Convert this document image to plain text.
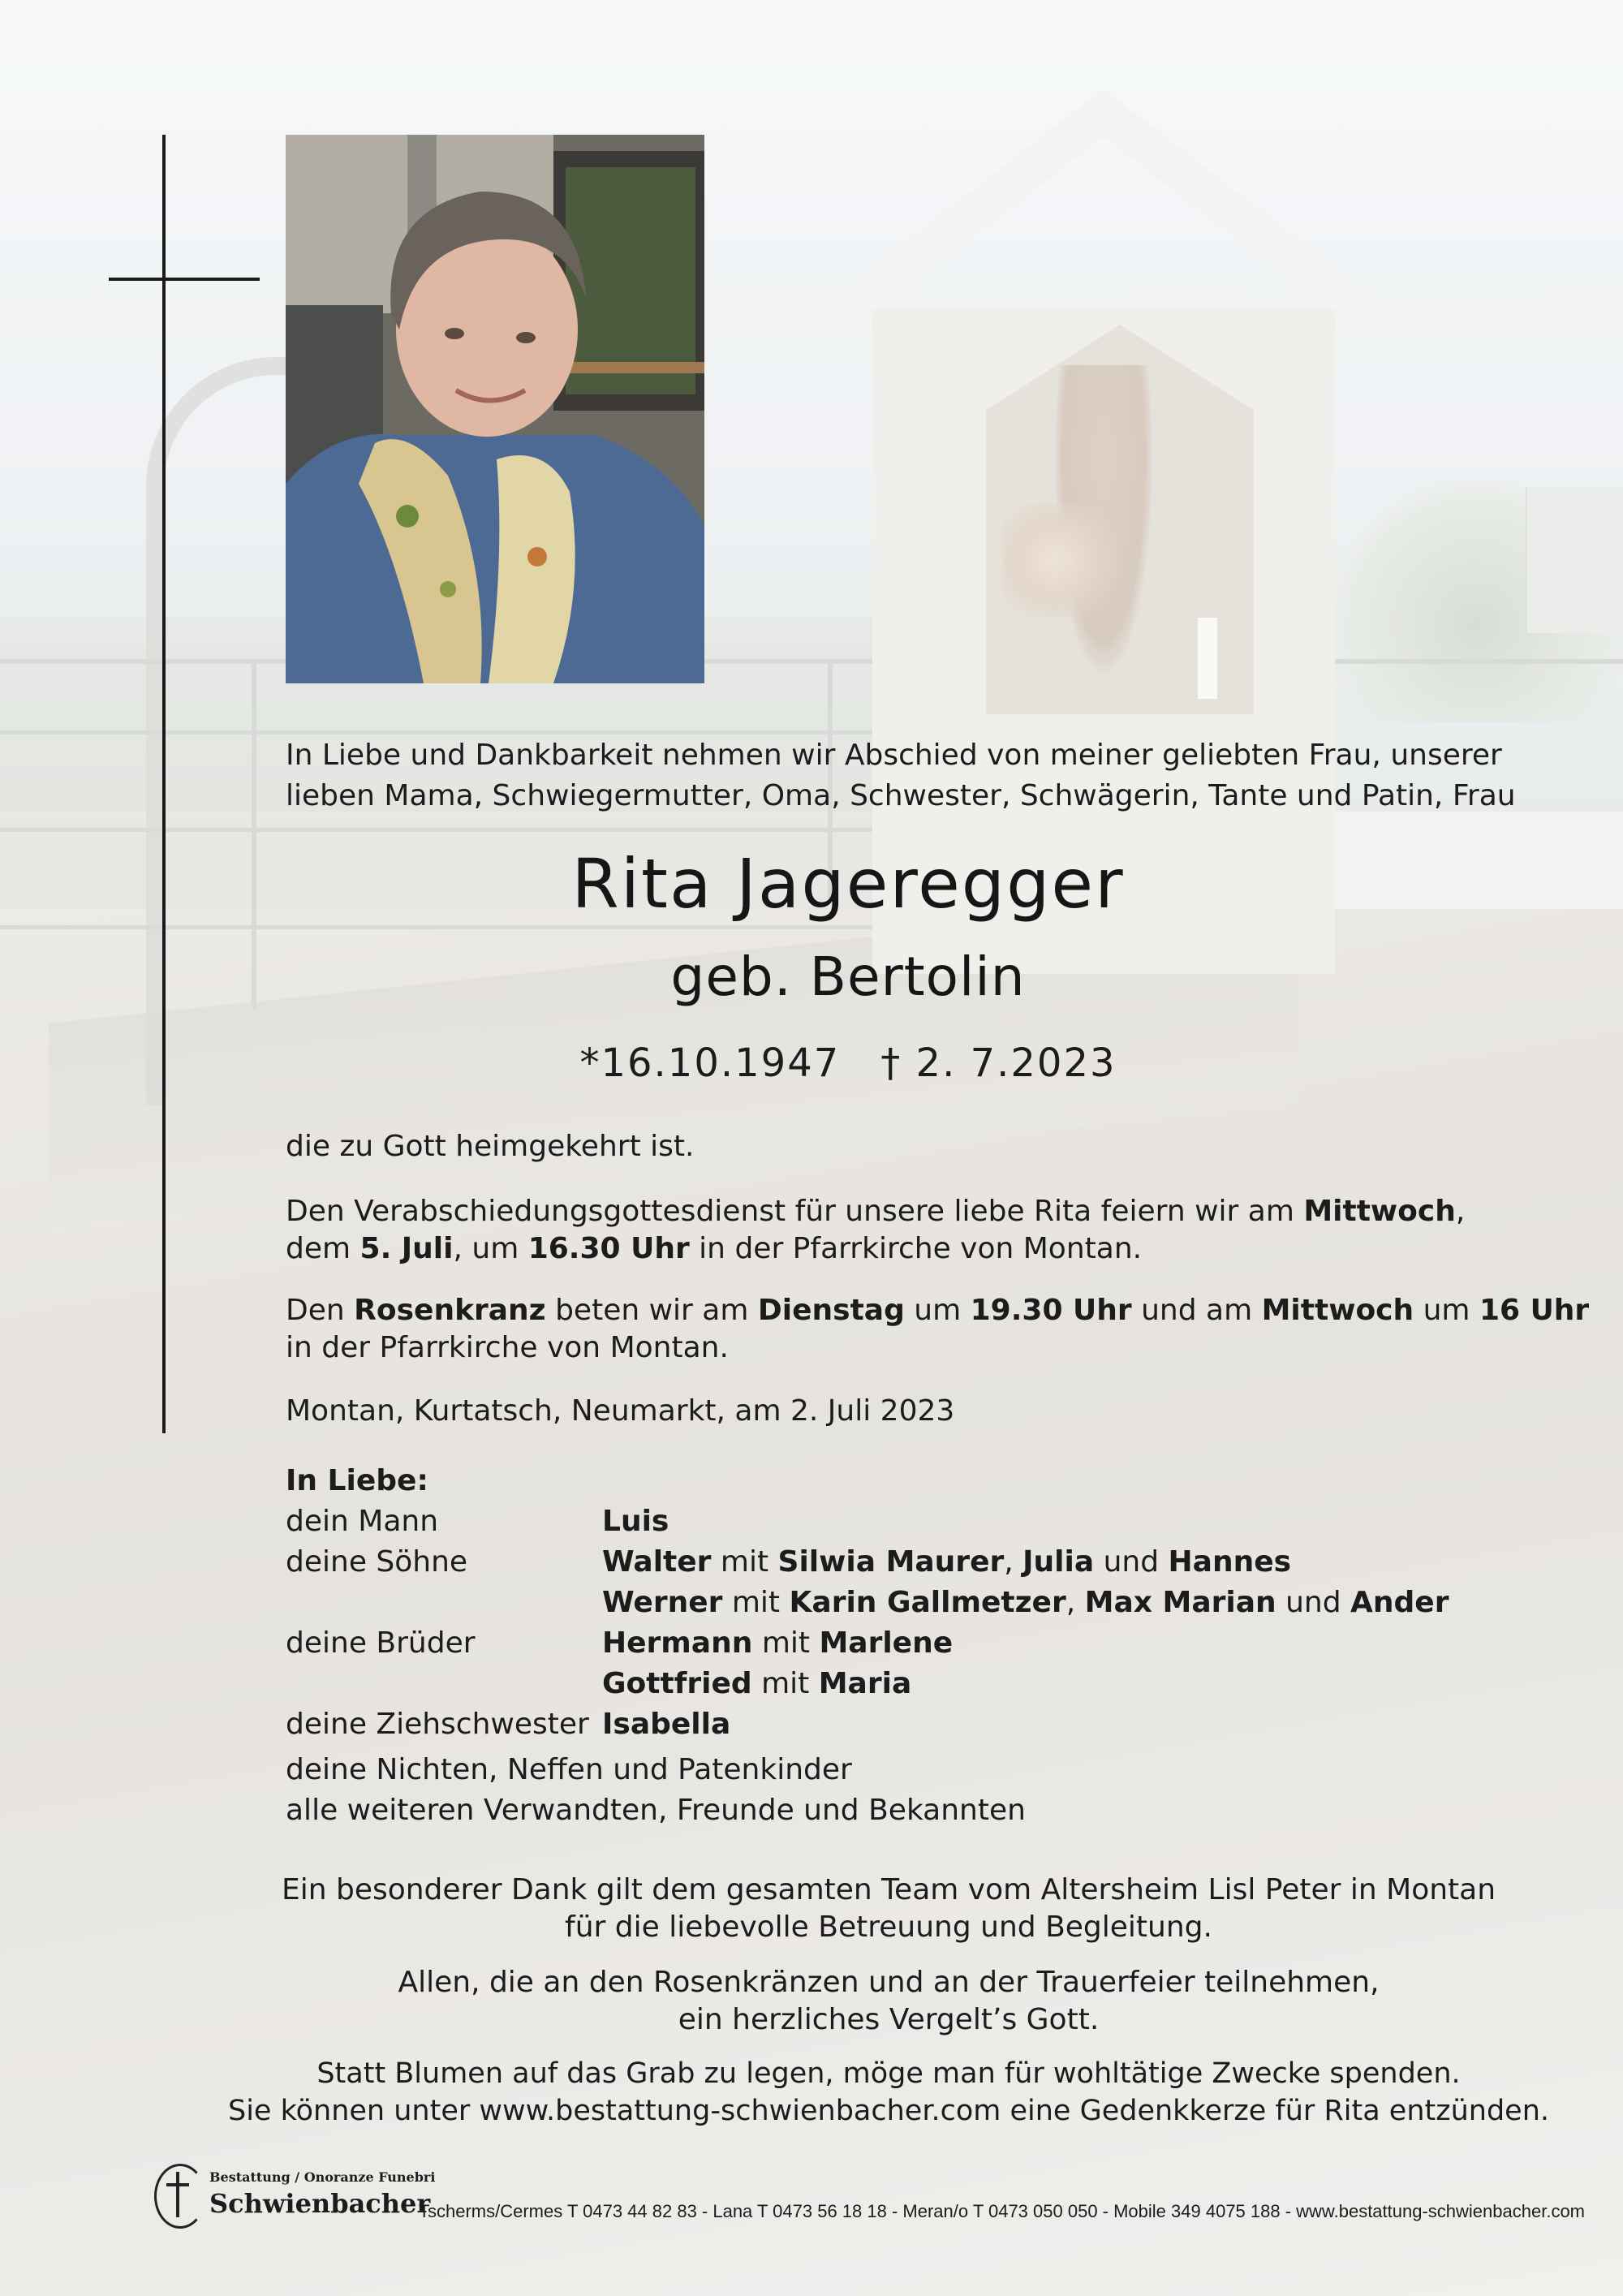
In Liebe und Dankbarkeit nehmen wir Abschied von meiner geliebten Frau, unserer
lieben Mama, Schwiegermutter, Oma, Schwester, Schwägerin, Tante und Patin, Frau
Rita Jageregger
geb. Bertolin
*16.10.1947 † 2. 7.2023
die zu Gott heimgekehrt ist.
Den Verabschiedungsgottesdienst für unsere liebe Rita feiern wir am Mittwoch,
dem 5. Juli, um 16.30 Uhr in der Pfarrkirche von Montan.
Den Rosenkranz beten wir am Dienstag um 19.30 Uhr und am Mittwoch um 16 Uhr
in der Pfarrkirche von Montan.
Montan, Kurtatsch, Neumarkt, am 2. Juli 2023
In Liebe:
dein Mann	Luis
deine Söhne	Walter mit Silwia Maurer, Julia und Hannes
Werner mit Karin Gallmetzer, Max Marian und Ander
deine Brüder	Hermann mit Marlene
Gottfried mit Maria
deine Ziehschwester Isabella
deine Nichten, Neffen und Patenkinder
alle weiteren Verwandten, Freunde und Bekannten
Ein besonderer Dank gilt dem gesamten Team vom Altersheim Lisl Peter in Montan
für die liebevolle Betreuung und Begleitung.
Allen, die an den Rosenkränzen und an der Trauerfeier teilnehmen,
ein herzliches Vergelt’s Gott.
Statt Blumen auf das Grab zu legen, möge man für wohltätige Zwecke spenden.
Sie können unter www.bestattung-schwienbacher.com eine Gedenkkerze für Rita entzünden.
Bestattung / Onoranze Funebri
Schwienbacher
Tscherms/Cermes T 0473 44 82 83 - Lana T 0473 56 18 18 - Meran/o T 0473 050 050 - Mobile 349 4075 188 - www.bestattung-schwienbacher.com
